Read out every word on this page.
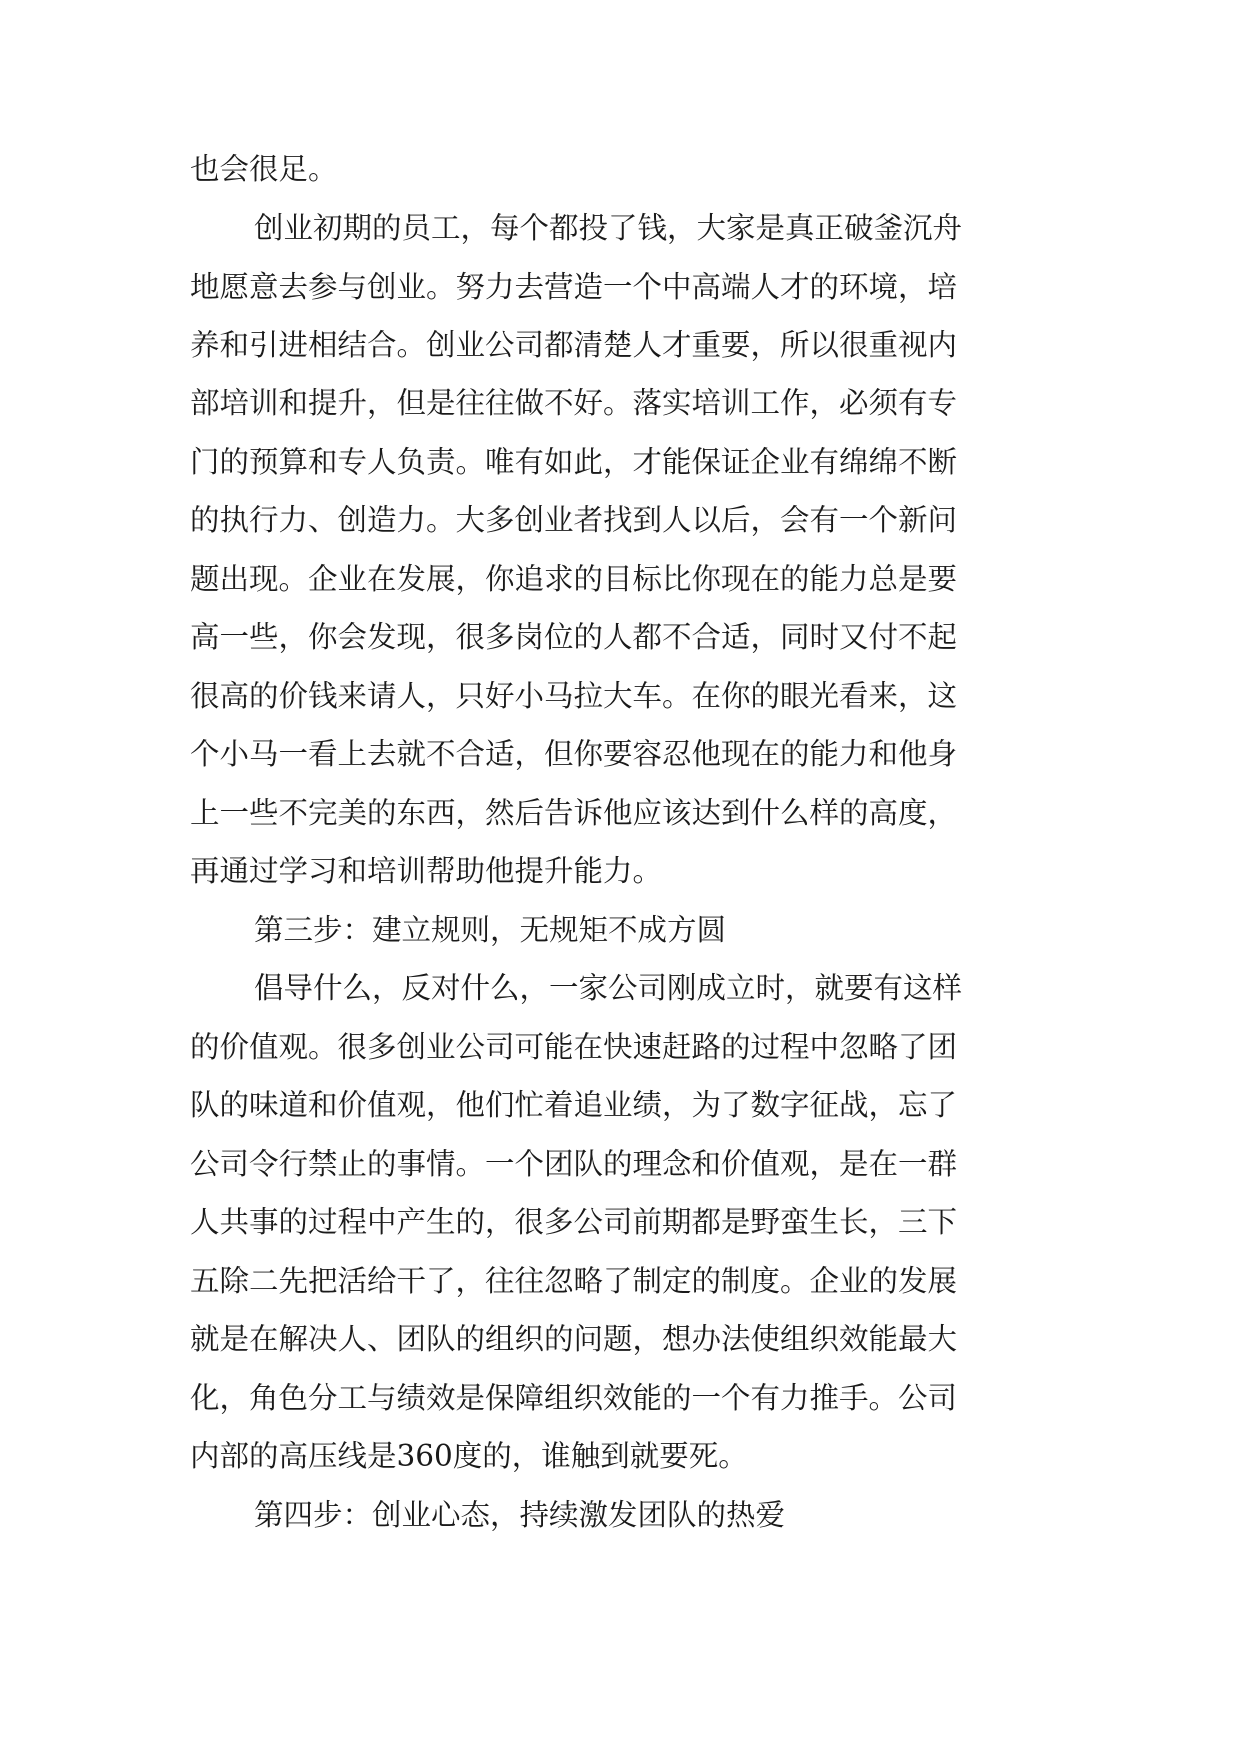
也会很足。
创业初期的员工，每个都投了钱，大家是真正破釜沉舟
地愿意去参与创业。努力去营造一个中高端人才的环境，培
养和引进相结合。创业公司都清楚人才重要，所以很重视内
部培训和提升，但是往往做不好。落实培训工作，必须有专
门的预算和专人负责。唯有如此，才能保证企业有绵绵不断
的执行力、创造力。大多创业者找到人以后，会有一个新问
题出现。企业在发展，你追求的目标比你现在的能力总是要
高一些，你会发现，很多岗位的人都不合适，同时又付不起
很高的价钱来请人，只好小马拉大车。在你的眼光看来，这
个小马一看上去就不合适，但你要容忍他现在的能力和他身
上一些不完美的东西，然后告诉他应该达到什么样的高度，
再通过学习和培训帮助他提升能力。
第三步：建立规则，无规矩不成方圆
倡导什么，反对什么，一家公司刚成立时，就要有这样
的价值观。很多创业公司可能在快速赶路的过程中忽略了团
队的味道和价值观，他们忙着追业绩，为了数字征战，忘了
公司令行禁止的事情。一个团队的理念和价值观，是在一群
人共事的过程中产生的，很多公司前期都是野蛮生长，三下
五除二先把活给干了，往往忽略了制定的制度。企业的发展
就是在解决人、团队的组织的问题，想办法使组织效能最大
化，角色分工与绩效是保障组织效能的一个有力推手。公司
内部的高压线是360度的，谁触到就要死。
第四步：创业心态，持续激发团队的热爱
